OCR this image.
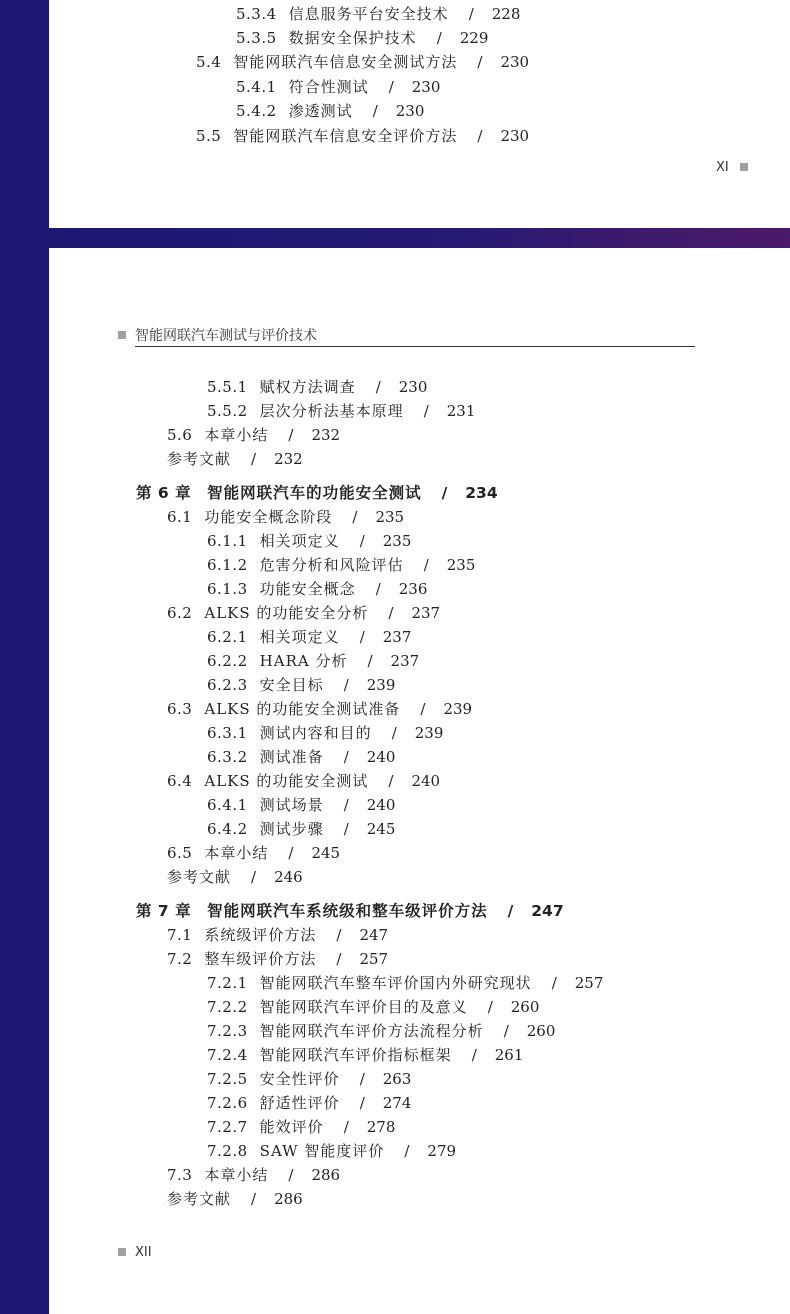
5.3.4 信息服务平台安全技术 / 228
5.3.5 数据安全保护技术 / 229
5.4 智能网联汽车信息安全测试方法 / 230
5.4.1 符合性测试 / 230
5.4.2 渗透测试 / 230
5.5 智能网联汽车信息安全评价方法 / 230
XI
智能网联汽车测试与评价技术
5.5.1 赋权方法调查 / 230
5.5.2 层次分析法基本原理 / 231
5.6 本章小结 / 232
参考文献 / 232
第 6 章 智能网联汽车的功能安全测试 / 234
6.1 功能安全概念阶段 / 235
6.1.1 相关项定义 / 235
6.1.2 危害分析和风险评估 / 235
6.1.3 功能安全概念 / 236
6.2 ALKS 的功能安全分析 / 237
6.2.1 相关项定义 / 237
6.2.2 HARA 分析 / 237
6.2.3 安全目标 / 239
6.3 ALKS 的功能安全测试准备 / 239
6.3.1 测试内容和目的 / 239
6.3.2 测试准备 / 240
6.4 ALKS 的功能安全测试 / 240
6.4.1 测试场景 / 240
6.4.2 测试步骤 / 245
6.5 本章小结 / 245
参考文献 / 246
第 7 章 智能网联汽车系统级和整车级评价方法 / 247
7.1 系统级评价方法 / 247
7.2 整车级评价方法 / 257
7.2.1 智能网联汽车整车评价国内外研究现状 / 257
7.2.2 智能网联汽车评价目的及意义 / 260
7.2.3 智能网联汽车评价方法流程分析 / 260
7.2.4 智能网联汽车评价指标框架 / 261
7.2.5 安全性评价 / 263
7.2.6 舒适性评价 / 274
7.2.7 能效评价 / 278
7.2.8 SAW 智能度评价 / 279
7.3 本章小结 / 286
参考文献 / 286
XII
